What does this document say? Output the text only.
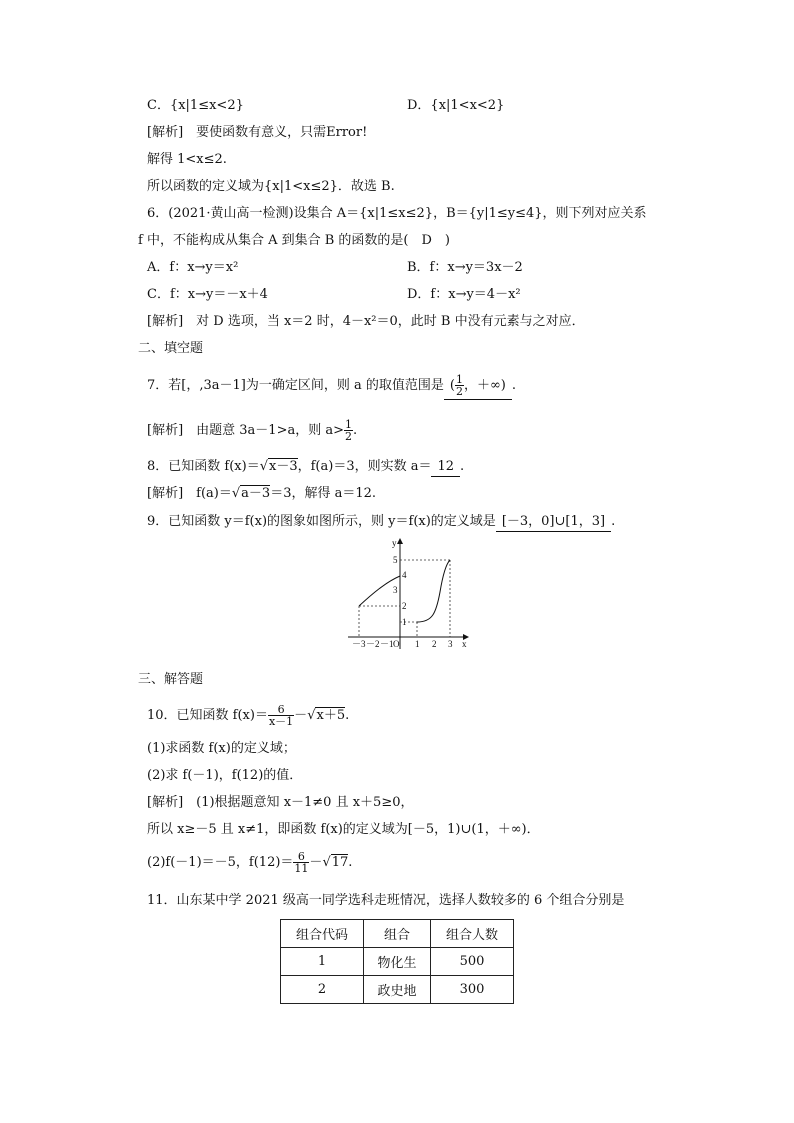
C．{x|1≤x<2}	D．{x|1<x<2}
[解析]　要使函数有意义，只需Error!
解得 1<x≤2.
所以函数的定义域为{x|1<x≤2}．故选 B.
6．(2021·黄山高一检测)设集合 A＝{x|1≤x≤2}，B＝{y|1≤y≤4}，则下列对应关系
f 中，不能构成从集合 A 到集合 B 的函数的是(　D　)
A．f：x→y＝x²	B．f：x→y＝3x－2
C．f：x→y＝－x＋4	D．f：x→y＝4－x²
[解析]　对 D 选项，当 x＝2 时，4－x²＝0，此时 B 中没有元素与之对应．
二、填空题
7．若[，,3a－1]为一确定区间，则 a 的取值范围是 ( $\frac{1}{2}$ ，＋∞) .
[解析]　由题意 3a－1>a，则 $a> \frac{1}{2}$ .
8．已知函数 f(x)＝√x－3，f(a)＝3，则实数 a＝ 12 .
[解析]　f(a)＝√a－3＝3，解得 a＝12.
9．已知函数 y＝f(x)的图象如图所示，则 y＝f(x)的定义域是 [－3，0]∪[1，3] .
x
y
O
－3 －2 －1 1 2 3
1
2
3
4
5
三、解答题
10．已知函数 $f(x)= \frac{6}{x-1} -√x+5$.
(1)求函数 f(x)的定义域；
(2)求 f(－1)，f(12)的值．
[解析]　(1)根据题意知 x－1≠0 且 x＋5≥0，
所以 x≥－5 且 x≠1，即函数 f(x)的定义域为[－5，1)∪(1，＋∞)．
(2)f(－1)＝－5，$f(12)= \frac{6}{11} -√17$.
11．山东某中学 2021 级高一同学选科走班情况，选择人数较多的 6 个组合分别是
组合代码	组合	组合人数
1	物化生	500
2	政史地	300
